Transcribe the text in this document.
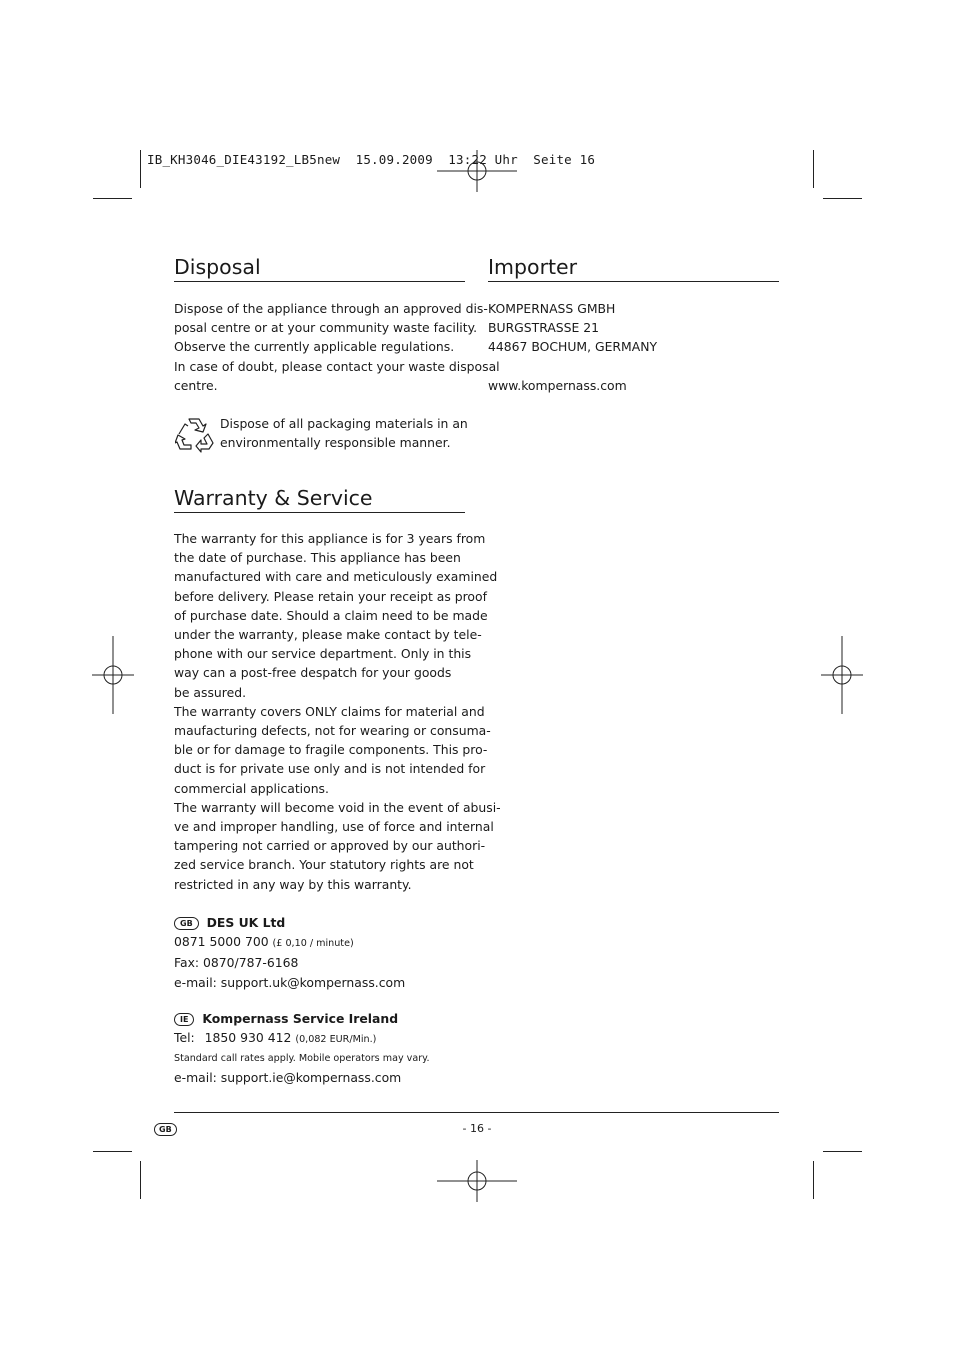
IB_KH3046_DIE43192_LB5new  15.09.2009  13:22 Uhr  Seite 16
Disposal
Dispose of the appliance through an approved dis-
posal centre or at your community waste facility.
Observe the currently applicable regulations.
In case of doubt, please contact your waste disposal
centre.
Dispose of all packaging materials in an
environmentally responsible manner.
Importer
KOMPERNASS GMBH
BURGSTRASSE 21
44867 BOCHUM, GERMANY
www.kompernass.com
Warranty & Service
The warranty for this appliance is for 3 years from
the date of purchase. This appliance has been
manufactured with care and meticulously examined
before delivery. Please retain your receipt as proof
of purchase date. Should a claim need to be made
under the warranty, please make contact by tele-
phone with our service department. Only in this
way can a post-free despatch for your goods
be assured.
The warranty covers ONLY claims for material and
maufacturing defects, not for wearing or consuma-
ble or for damage to fragile components. This pro-
duct is for private use only and is not intended for
commercial applications.
The warranty will become void in the event of abusi-
ve and improper handling, use of force and internal
tampering not carried or approved by our authori-
zed service branch. Your statutory rights are not
restricted in any way by this warranty.
GB DES UK Ltd
0871 5000 700 (£ 0,10 / minute)
Fax: 0870/787-6168
e-mail: support.uk@kompernass.com
IE Kompernass Service Ireland
Tel: 1850 930 412 (0,082 EUR/Min.)
Standard call rates apply. Mobile operators may vary.
e-mail: support.ie@kompernass.com
GB	- 16 -
